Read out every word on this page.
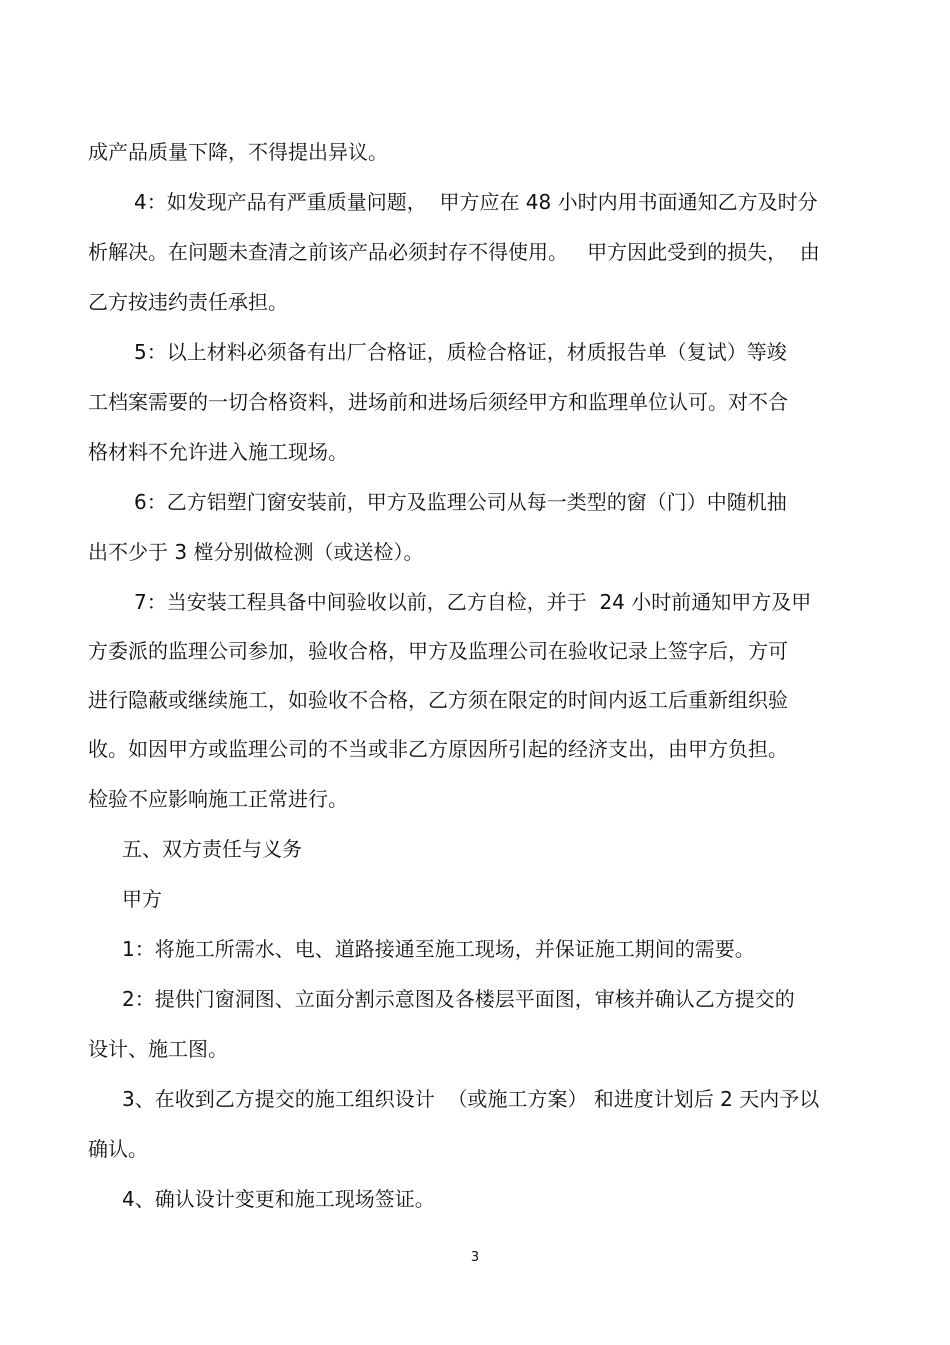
成产品质量下降，不得提出异议。

4：如发现产品有严重质量问题，  甲方应在 48 小时内用书面通知乙方及时分

析解决。在问题未查清之前该产品必须封存不得使用。   甲方因此受到的损失，  由

乙方按违约责任承担。

5：以上材料必须备有出厂合格证，质检合格证，材质报告单（复试）等竣

工档案需要的一切合格资料，进场前和进场后须经甲方和监理单位认可。对不合

格材料不允许进入施工现场。

6：乙方铝塑门窗安装前，甲方及监理公司从每一类型的窗（门）中随机抽

出不少于 3 樘分别做检测（或送检）。

7：当安装工程具备中间验收以前，乙方自检，并于  24 小时前通知甲方及甲

方委派的监理公司参加，验收合格，甲方及监理公司在验收记录上签字后，方可

进行隐蔽或继续施工，如验收不合格，乙方须在限定的时间内返工后重新组织验

收。如因甲方或监理公司的不当或非乙方原因所引起的经济支出，由甲方负担。

检验不应影响施工正常进行。

五、双方责任与义务

甲方

1：将施工所需水、电、道路接通至施工现场，并保证施工期间的需要。

2：提供门窗洞图、立面分割示意图及各楼层平面图，审核并确认乙方提交的

设计、施工图。

3、在收到乙方提交的施工组织设计  （或施工方案） 和进度计划后 2 天内予以

确认。

4、确认设计变更和施工现场签证。

3
